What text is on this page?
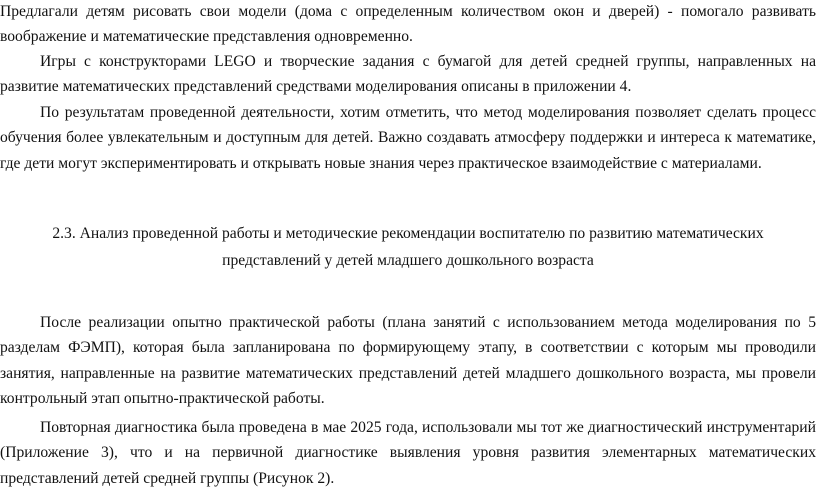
Предлагали детям рисовать свои модели (дома с определенным количеством окон и дверей) - помогало развивать воображение и математические представления одновременно.

Игры с конструкторами LEGO и творческие задания с бумагой для детей средней группы, направленных на развитие математических представлений средствами моделирования описаны в приложении 4.

По результатам проведенной деятельности, хотим отметить, что метод моделирования позволяет сделать процесс обучения более увлекательным и доступным для детей. Важно создавать атмосферу поддержки и интереса к математике, где дети могут экспериментировать и открывать новые знания через практическое взаимодействие с материалами.

2.3. Анализ проведенной работы и методические рекомендации воспитателю по развитию математических
представлений у детей младшего дошкольного возраста

После реализации опытно практической работы (плана занятий с использованием метода моделирования по 5 разделам ФЭМП), которая была запланирована по формирующему этапу, в соответствии с которым мы проводили занятия, направленные на развитие математических представлений детей младшего дошкольного возраста, мы провели контрольный этап опытно-практической работы.

Повторная диагностика была проведена в мае 2025 года, использовали мы тот же диагностический инструментарий (Приложение 3), что и на первичной диагностике выявления уровня развития элементарных математических представлений детей средней группы (Рисунок 2).
